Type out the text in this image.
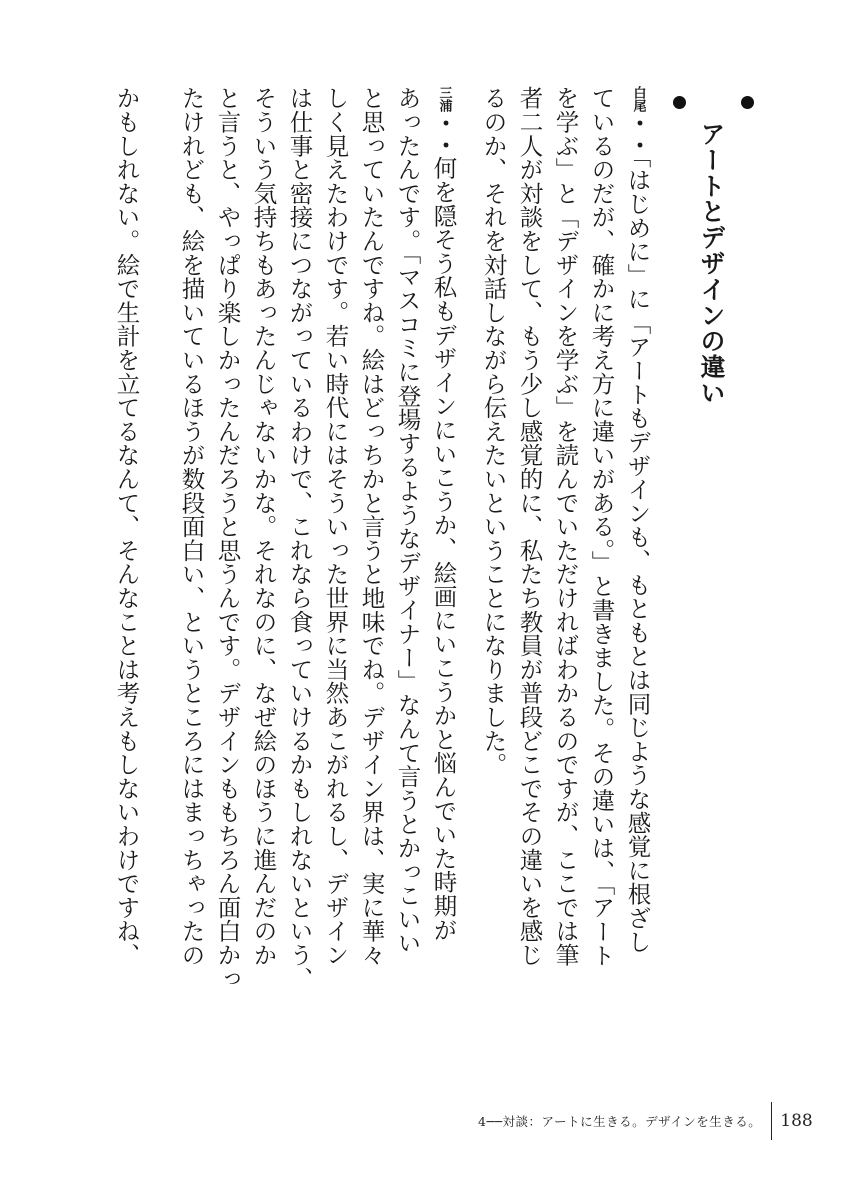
アートとデザインの違い
白尾・・「はじめに」に「アートもデザインも、もともとは同じような感覚に根ざし
ているのだが、確かに考え方に違いがある。」と書きました。その違いは、「アート
を学ぶ」と「デザインを学ぶ」を読んでいただければわかるのですが、ここでは筆
者二人が対談をして、もう少し感覚的に、私たち教員が普段どこでその違いを感じ
るのか、それを対話しながら伝えたいということになりました。
三浦・・何を隠そう私もデザインにいこうか、絵画にいこうかと悩んでいた時期が
あったんです。「マスコミに登場するようなデザイナー」なんて言うとかっこいい
と思っていたんですね。絵はどっちかと言うと地味でね。デザイン界は、実に華々
しく見えたわけです。若い時代にはそういった世界に当然あこがれるし、デザイン
は仕事と密接につながっているわけで、これなら食っていけるかもしれないという、
そういう気持ちもあったんじゃないかな。それなのに、なぜ絵のほうに進んだのか
と言うと、やっぱり楽しかったんだろうと思うんです。デザインももちろん面白かっ
たけれども、絵を描いているほうが数段面白い、というところにはまっちゃったの
かもしれない。絵で生計を立てるなんて、そんなことは考えもしないわけですね、
4──対談：アートに生きる。デザインを生きる。 188
